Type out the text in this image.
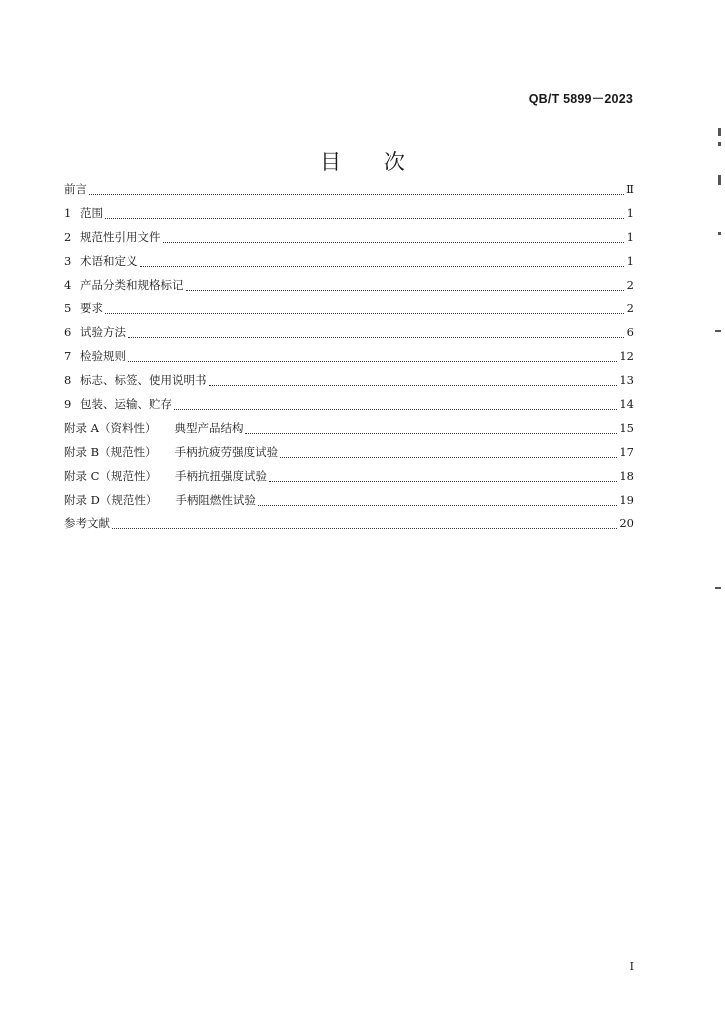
QB/T 5899－2023
目 次
前言	Ⅱ
1 范围	1
2 规范性引用文件	1
3 术语和定义	1
4 产品分类和规格标记	2
5 要求	2
6 试验方法	6
7 检验规则	12
8 标志、标签、使用说明书	13
9 包装、运输、贮存	14
附录 A（资料性） 典型产品结构	15
附录 B（规范性） 手柄抗疲劳强度试验	17
附录 C（规范性） 手柄抗扭强度试验	18
附录 D（规范性） 手柄阻燃性试验	19
参考文献	20
Ⅰ
